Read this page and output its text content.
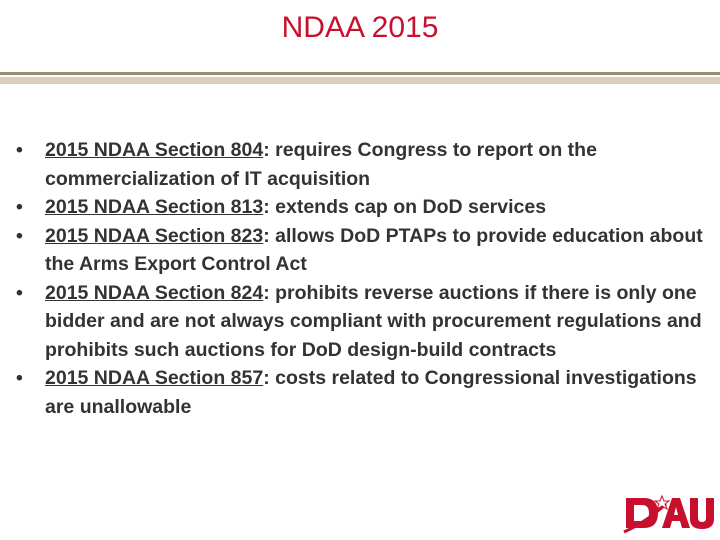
NDAA 2015
• 2015 NDAA Section 804: requires Congress to report on the commercialization of IT acquisition
• 2015 NDAA Section 813: extends cap on DoD services
• 2015 NDAA Section 823: allows DoD PTAPs to provide education about the Arms Export Control Act
• 2015 NDAA Section 824: prohibits reverse auctions if there is only one bidder and are not always compliant with procurement regulations and prohibits such auctions for DoD design-build contracts
• 2015 NDAA Section 857: costs related to Congressional investigations are unallowable
